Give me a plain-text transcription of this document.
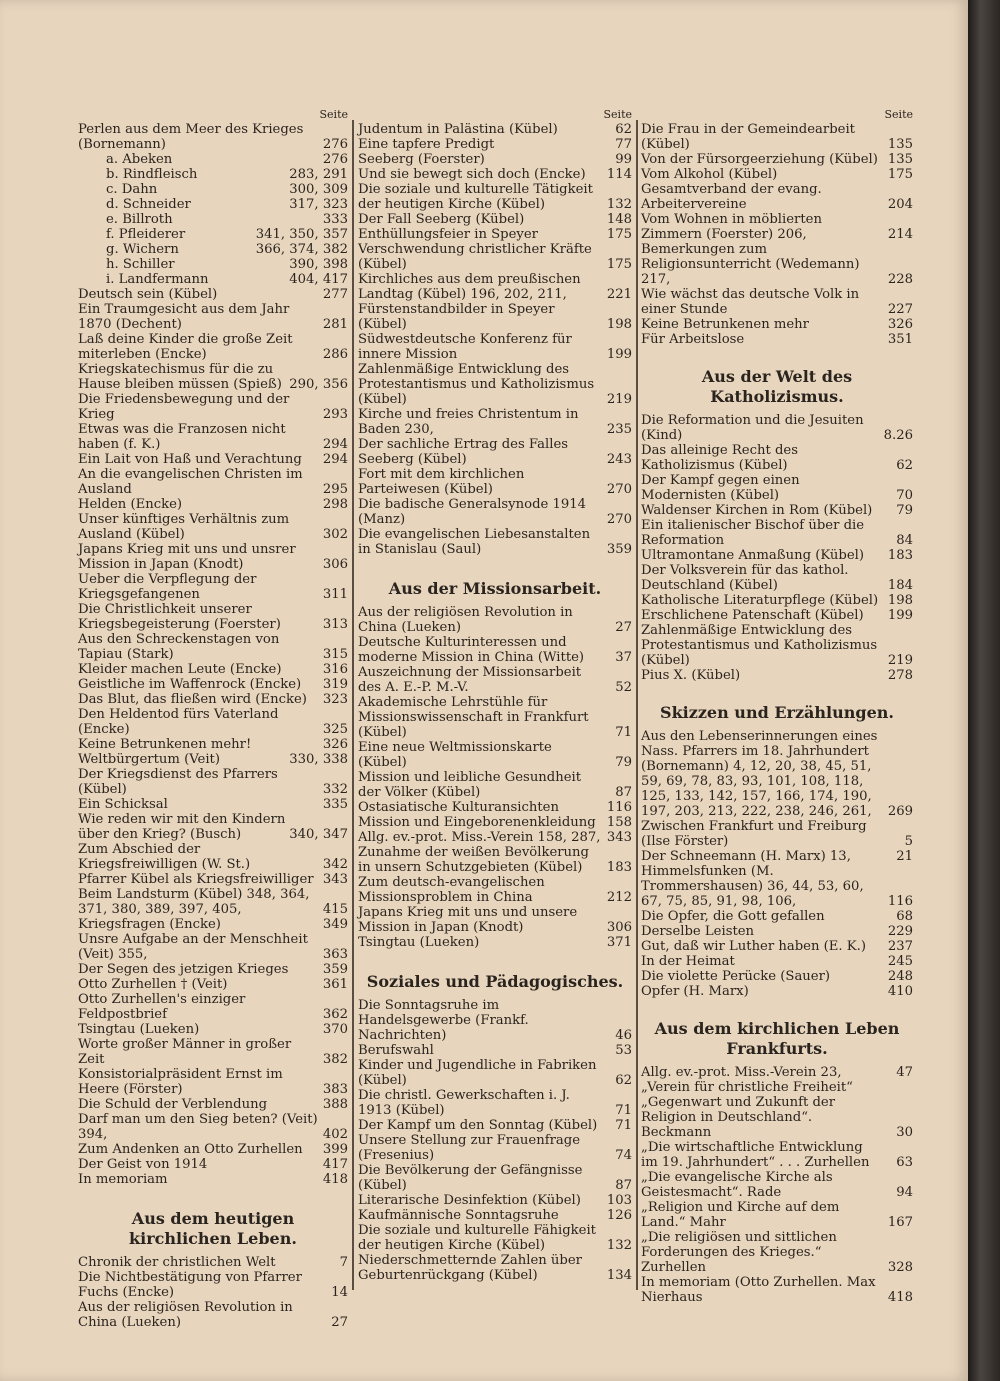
Seite
Perlen aus dem Meer des Krieges (Bornemann)	276
a. Abeken	276
b. Rindfleisch	283, 291
c. Dahn	300, 309
d. Schneider	317, 323
e. Billroth	333
f. Pfleiderer	341, 350, 357
g. Wichern	366, 374, 382
h. Schiller	390, 398
i. Landfermann	404, 417
Deutsch sein (Kübel)	277
Ein Traumgesicht aus dem Jahr 1870 (Dechent)	281
Laß deine Kinder die große Zeit miterleben (Encke)	286
Kriegskatechismus für die zu Hause bleiben müssen (Spieß) 290, 356
Die Friedensbewegung und der Krieg	293
Etwas was die Franzosen nicht haben (f. K.)	294
Ein Lait von Haß und Verachtung	294
An die evangelischen Christen im Ausland	295
Helden (Encke)	298
Unser künftiges Verhältnis zum Ausland (Kübel)	302
Japans Krieg mit uns und unsrer Mission in Japan (Knodt)	306
Ueber die Verpflegung der Kriegsgefangenen	311
Die Christlichkeit unserer Kriegsbegeisterung (Foerster)	313
Aus den Schreckenstagen von Tapiau (Stark)	315
Kleider machen Leute (Encke)	316
Geistliche im Waffenrock (Encke)	319
Das Blut, das fließen wird (Encke)	323
Den Heldentod fürs Vaterland (Encke)	325
Keine Betrunkenen mehr!	326
Weltbürgertum (Veit)	330, 338
Der Kriegsdienst des Pfarrers (Kübel)	332
Ein Schicksal	335
Wie reden wir mit den Kindern über den Krieg? (Busch)	340, 347
Zum Abschied der Kriegsfreiwilligen (W. St.)	342
Pfarrer Kübel als Kriegsfreiwilliger 343
Beim Landsturm (Kübel) 348, 364, 371, 380, 389, 397, 405,	415
Kriegsfragen (Encke)	349
Unsre Aufgabe an der Menschheit (Veit) 355,	363
Der Segen des jetzigen Krieges	359
Otto Zurhellen † (Veit)	361
Otto Zurhellen's einziger Feldpostbrief	362
Tsingtau (Lueken)	370
Worte großer Männer in großer Zeit	382
Konsistorialpräsident Ernst im Heere (Förster)	383
Die Schuld der Verblendung	388
Darf man um den Sieg beten? (Veit) 394,	402
Zum Andenken an Otto Zurhellen	399
Der Geist von 1914	417
In memoriam	418
Aus dem heutigen kirchlichen Leben.
Chronik der christlichen Welt	7
Die Nichtbestätigung von Pfarrer Fuchs (Encke)	14
Aus der religiösen Revolution in China (Lueken)	27
Seite
Judentum in Palästina (Kübel)	62
Eine tapfere Predigt	77
Seeberg (Foerster)	99
Und sie bewegt sich doch (Encke)	114
Die soziale und kulturelle Tätigkeit der heutigen Kirche (Kübel)	132
Der Fall Seeberg (Kübel)	148
Enthüllungsfeier in Speyer	175
Verschwendung christlicher Kräfte (Kübel)	175
Kirchliches aus dem preußischen Landtag (Kübel) 196, 202, 211,	221
Fürstenstandbilder in Speyer (Kübel)	198
Südwestdeutsche Konferenz für innere Mission	199
Zahlenmäßige Entwicklung des Protestantismus und Katholizismus (Kübel)	219
Kirche und freies Christentum in Baden 230,	235
Der sachliche Ertrag des Falles Seeberg (Kübel)	243
Fort mit dem kirchlichen Parteiwesen (Kübel)	270
Die badische Generalsynode 1914 (Manz)	270
Die evangelischen Liebesanstalten in Stanislau (Saul)	359
Aus der Missionsarbeit.
Aus der religiösen Revolution in China (Lueken)	27
Deutsche Kulturinteressen und moderne Mission in China (Witte)	37
Auszeichnung der Missionsarbeit des A. E.-P. M.-V.	52
Akademische Lehrstühle für Missionswissenschaft in Frankfurt (Kübel)	71
Eine neue Weltmissionskarte (Kübel)	79
Mission und leibliche Gesundheit der Völker (Kübel)	87
Ostasiatische Kulturansichten	116
Mission und Eingeborenenkleidung 158
Allg. ev.-prot. Miss.-Verein 158, 287, 343
Zunahme der weißen Bevölkerung in unsern Schutzgebieten (Kübel)	183
Zum deutsch-evangelischen Missionsproblem in China	212
Japans Krieg mit uns und unsere Mission in Japan (Knodt)	306
Tsingtau (Lueken)	371
Soziales und Pädagogisches.
Die Sonntagsruhe im Handelsgewerbe (Frankf. Nachrichten)	46
Berufswahl	53
Kinder und Jugendliche in Fabriken (Kübel)	62
Die christl. Gewerkschaften i. J. 1913 (Kübel)	71
Der Kampf um den Sonntag (Kübel)	71
Unsere Stellung zur Frauenfrage (Fresenius)	74
Die Bevölkerung der Gefängnisse (Kübel)	87
Literarische Desinfektion (Kübel)	103
Kaufmännische Sonntagsruhe	126
Die soziale und kulturelle Fähigkeit der heutigen Kirche (Kübel)	132
Niederschmetternde Zahlen über Geburtenrückgang (Kübel)	134
Seite
Die Frau in der Gemeindearbeit (Kübel)	135
Von der Fürsorgeerziehung (Kübel) 135
Vom Alkohol (Kübel)	175
Gesamtverband der evang. Arbeitervereine	204
Vom Wohnen in möblierten Zimmern (Foerster) 206,	214
Bemerkungen zum Religionsunterricht (Wedemann) 217,	228
Wie wächst das deutsche Volk in einer Stunde	227
Keine Betrunkenen mehr	326
Für Arbeitslose	351
Aus der Welt des Katholizismus.
Die Reformation und die Jesuiten (Kind)	8.26
Das alleinige Recht des Katholizismus (Kübel)	62
Der Kampf gegen einen Modernisten (Kübel)	70
Waldenser Kirchen in Rom (Kübel)	79
Ein italienischer Bischof über die Reformation	84
Ultramontane Anmaßung (Kübel)	183
Der Volksverein für das kathol. Deutschland (Kübel)	184
Katholische Literaturpflege (Kübel) 198
Erschlichene Patenschaft (Kübel)	199
Zahlenmäßige Entwicklung des Protestantismus und Katholizismus (Kübel)	219
Pius X. (Kübel)	278
Skizzen und Erzählungen.
Aus den Lebenserinnerungen eines Nass. Pfarrers im 18. Jahrhundert (Bornemann) 4, 12, 20, 38, 45, 51, 59, 69, 78, 83, 93, 101, 108, 118, 125, 133, 142, 157, 166, 174, 190, 197, 203, 213, 222, 238, 246, 261,	269
Zwischen Frankfurt und Freiburg (Ilse Förster)	5
Der Schneemann (H. Marx) 13,	21
Himmelsfunken (M. Trommershausen) 36, 44, 53, 60, 67, 75, 85, 91, 98, 106,	116
Die Opfer, die Gott gefallen	68
Derselbe Leisten	229
Gut, daß wir Luther haben (E. K.)	237
In der Heimat	245
Die violette Perücke (Sauer)	248
Opfer (H. Marx)	410
Aus dem kirchlichen Leben Frankfurts.
Allg. ev.-prot. Miss.-Verein 23,	47
„Verein für christliche Freiheit“
„Gegenwart und Zukunft der Religion in Deutschland“. Beckmann	30
„Die wirtschaftliche Entwicklung im 19. Jahrhundert“ . . . Zurhellen	63
„Die evangelische Kirche als Geistesmacht“. Rade	94
„Religion und Kirche auf dem Land.“ Mahr	167
„Die religiösen und sittlichen Forderungen des Krieges.“ Zurhellen	328
In memoriam (Otto Zurhellen. Max Nierhaus	418
